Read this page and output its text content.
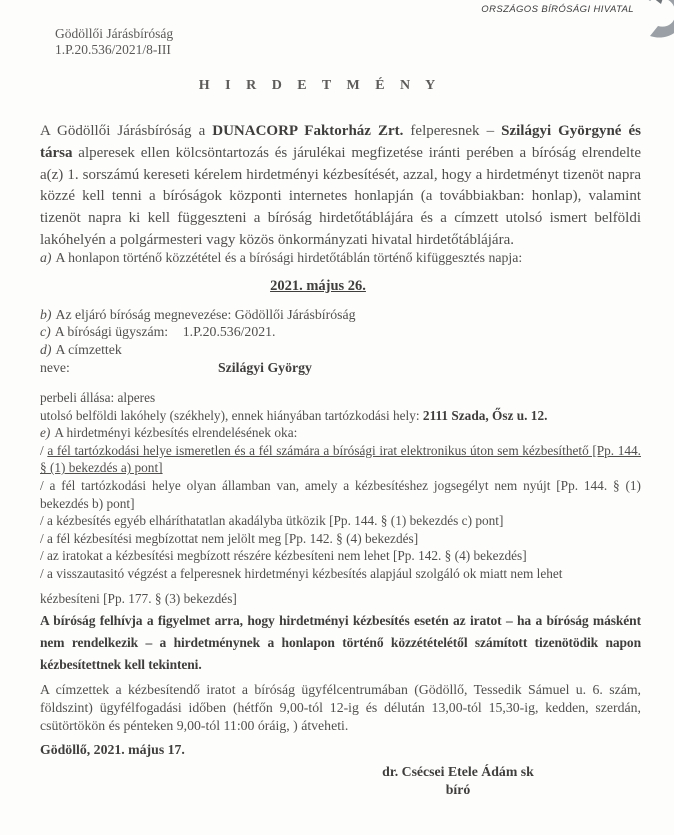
ORSZÁGOS BÍRÓSÁGI HIVATAL
Gödöllői Járásbíróság
1.P.20.536/2021/8-III
H I R D E T M É N Y
A Gödöllői Járásbíróság a DUNACORP Faktorház Zrt. felperesnek – Szilágyi Györgyné és társa alperesek ellen kölcsöntartozás és járulékai megfizetése iránti perében a bíróság elrendelte a(z) 1. sorszámú kereseti kérelem hirdetményi kézbesítését, azzal, hogy a hirdetményt tizenöt napra közzé kell tenni a bíróságok központi internetes honlapján (a továbbiakban: honlap), valamint tizenöt napra ki kell függeszteni a bíróság hirdetőtáblájára és a címzett utolsó ismert belföldi lakóhelyén a polgármesteri vagy közös önkormányzati hivatal hirdetőtáblájára.
a) A honlapon történő közzététel és a bírósági hirdetőtáblán történő kifüggesztés napja:
2021. május 26.
b) Az eljáró bíróság megnevezése: Gödöllői Járásbíróság
c) A bírósági ügyszám: 1.P.20.536/2021.
d) A címzettek
neve:	Szilágyi György
perbeli állása: alperes
utolsó belföldi lakóhely (székhely), ennek hiányában tartózkodási hely: 2111 Szada, Ősz u. 12.
e) A hirdetményi kézbesítés elrendelésének oka:
/ a fél tartózkodási helye ismeretlen és a fél számára a bírósági irat elektronikus úton sem kézbesíthető [Pp. 144. § (1) bekezdés a) pont]
/ a fél tartózkodási helye olyan államban van, amely a kézbesítéshez jogsegélyt nem nyújt [Pp. 144. § (1) bekezdés b) pont]
/ a kézbesítés egyéb elháríthatatlan akadályba ütközik [Pp. 144. § (1) bekezdés c) pont]
/ a fél kézbesítési megbízottat nem jelölt meg [Pp. 142. § (4) bekezdés]
/ az iratokat a kézbesítési megbízott részére kézbesíteni nem lehet [Pp. 142. § (4) bekezdés]
/ a visszautasitó végzést a felperesnek hirdetményi kézbesítés alapjául szolgáló ok miatt nem lehet
kézbesíteni [Pp. 177. § (3) bekezdés]
A bíróság felhívja a figyelmet arra, hogy hirdetményi kézbesítés esetén az iratot – ha a bíróság másként nem rendelkezik – a hirdetménynek a honlapon történő közzétételétől számított tizenötödik napon kézbesítettnek kell tekinteni.
A címzettek a kézbesítendő iratot a bíróság ügyfélcentrumában (Gödöllő, Tessedik Sámuel u. 6. szám, földszint) ügyfélfogadási időben (hétfőn 9,00-tól 12-ig és délután 13,00-tól 15,30-ig, kedden, szerdán, csütörtökön és pénteken 9,00-tól 11:00 óráig, ) átveheti.
Gödöllő, 2021. május 17.
dr. Csécsei Etele Ádám sk
bíró
